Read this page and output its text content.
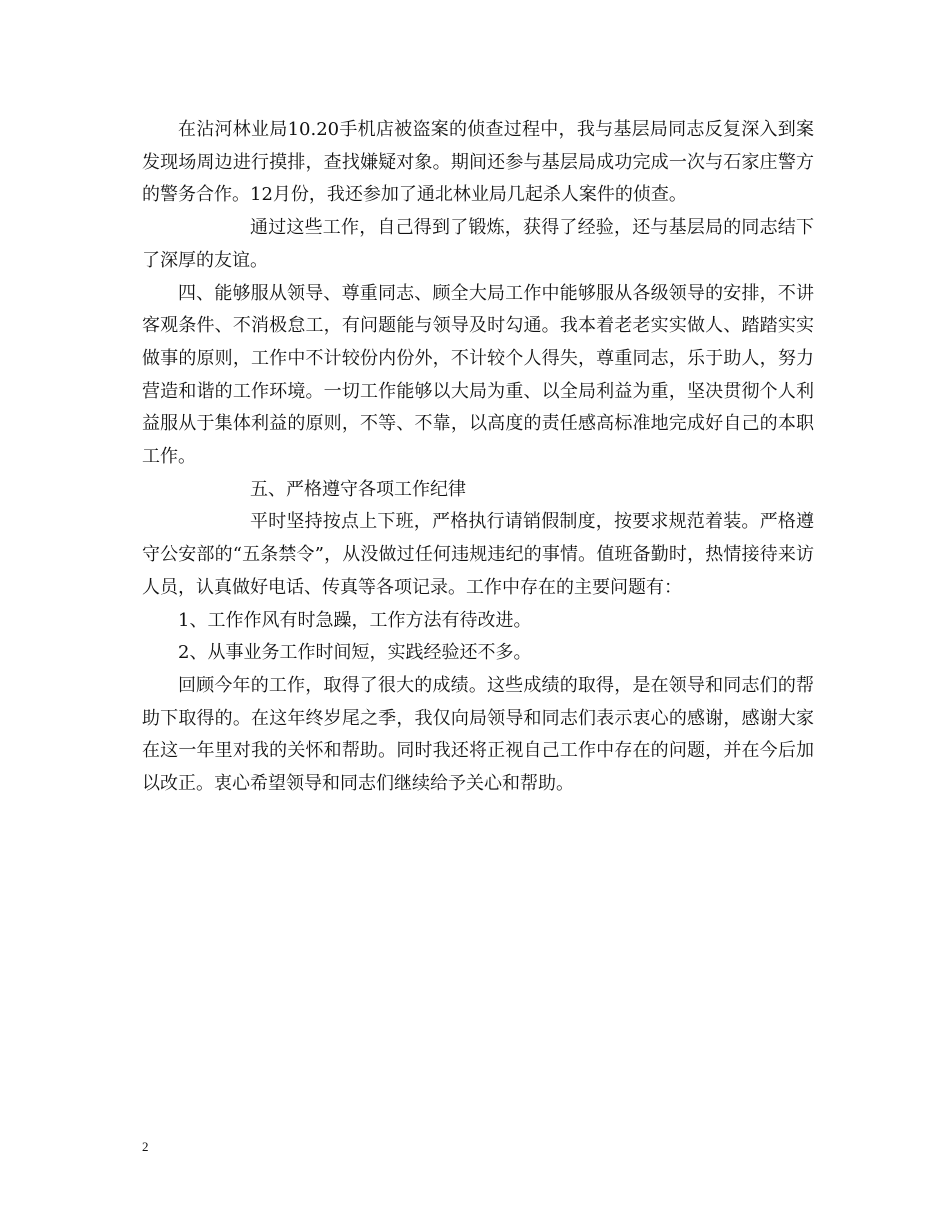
在沾河林业局10.20手机店被盗案的侦查过程中，我与基层局同志反复深入到案发现场周边进行摸排，查找嫌疑对象。期间还参与基层局成功完成一次与石家庄警方的警务合作。12月份，我还参加了通北林业局几起杀人案件的侦查。

通过这些工作，自己得到了锻炼，获得了经验，还与基层局的同志结下了深厚的友谊。

四、能够服从领导、尊重同志、顾全大局工作中能够服从各级领导的安排，不讲客观条件、不消极怠工，有问题能与领导及时勾通。我本着老老实实做人、踏踏实实做事的原则，工作中不计较份内份外，不计较个人得失，尊重同志，乐于助人，努力营造和谐的工作环境。一切工作能够以大局为重、以全局利益为重，坚决贯彻个人利益服从于集体利益的原则，不等、不靠，以高度的责任感高标准地完成好自己的本职工作。

五、严格遵守各项工作纪律

平时坚持按点上下班，严格执行请销假制度，按要求规范着装。严格遵守公安部的“五条禁令”，从没做过任何违规违纪的事情。值班备勤时，热情接待来访人员，认真做好电话、传真等各项记录。工作中存在的主要问题有：

1、工作作风有时急躁，工作方法有待改进。

2、从事业务工作时间短，实践经验还不多。

回顾今年的工作，取得了很大的成绩。这些成绩的取得，是在领导和同志们的帮助下取得的。在这年终岁尾之季，我仅向局领导和同志们表示衷心的感谢，感谢大家在这一年里对我的关怀和帮助。同时我还将正视自己工作中存在的问题，并在今后加以改正。衷心希望领导和同志们继续给予关心和帮助。

2
